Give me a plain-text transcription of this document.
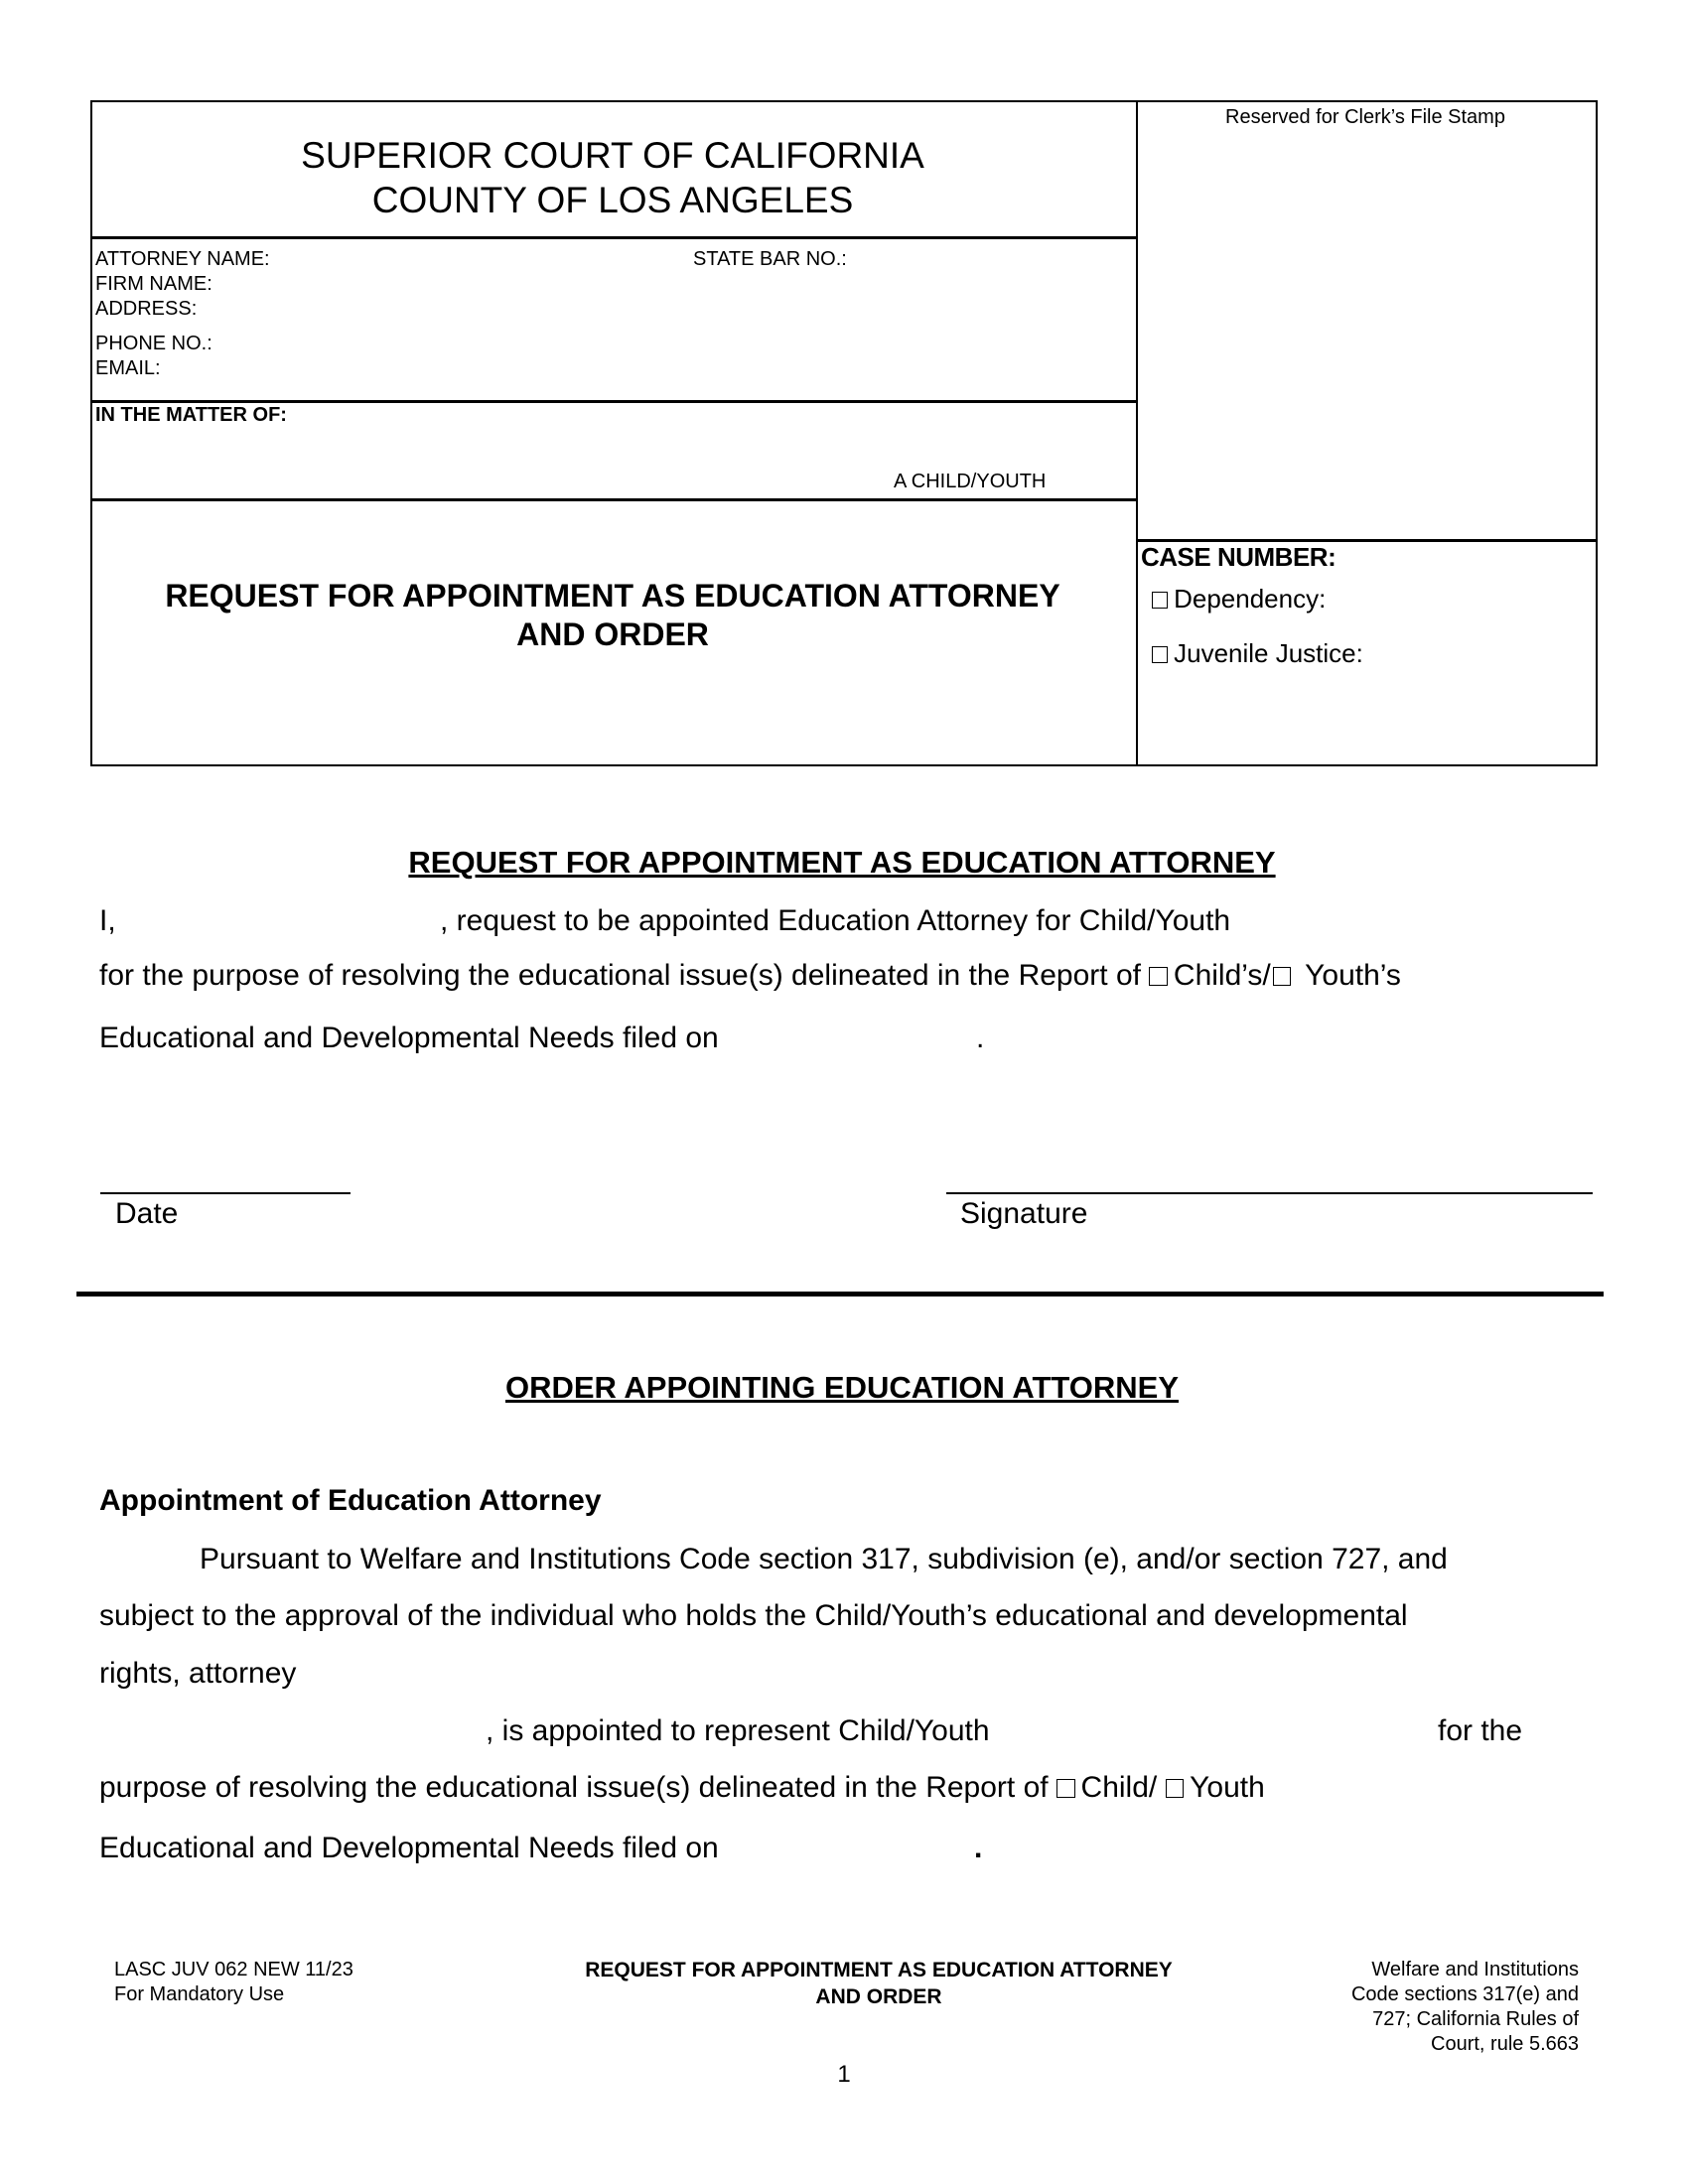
SUPERIOR COURT OF CALIFORNIA
COUNTY OF LOS ANGELES
Reserved for Clerk’s File Stamp
ATTORNEY NAME:	STATE BAR NO.:
FIRM NAME:
ADDRESS:
PHONE NO.:
EMAIL:
IN THE MATTER OF:
A CHILD/YOUTH
REQUEST FOR APPOINTMENT AS EDUCATION ATTORNEY
AND ORDER
CASE NUMBER:
Dependency:
Juvenile Justice:
REQUEST FOR APPOINTMENT AS EDUCATION ATTORNEY
I,	, request to be appointed Education Attorney for Child/Youth
for the purpose of resolving the educational issue(s) delineated in the Report of Child’s/ Youth’s
Educational and Developmental Needs filed on	.
Date	Signature
ORDER APPOINTING EDUCATION ATTORNEY
Appointment of Education Attorney
Pursuant to Welfare and Institutions Code section 317, subdivision (e), and/or section 727, and
subject to the approval of the individual who holds the Child/Youth’s educational and developmental
rights, attorney
, is appointed to represent Child/Youth	for the
purpose of resolving the educational issue(s) delineated in the Report of Child/ Youth
Educational and Developmental Needs filed on	.
LASC JUV 062 NEW 11/23
For Mandatory Use
REQUEST FOR APPOINTMENT AS EDUCATION ATTORNEY
AND ORDER
Welfare and Institutions
Code sections 317(e) and
727; California Rules of
Court, rule 5.663
1
